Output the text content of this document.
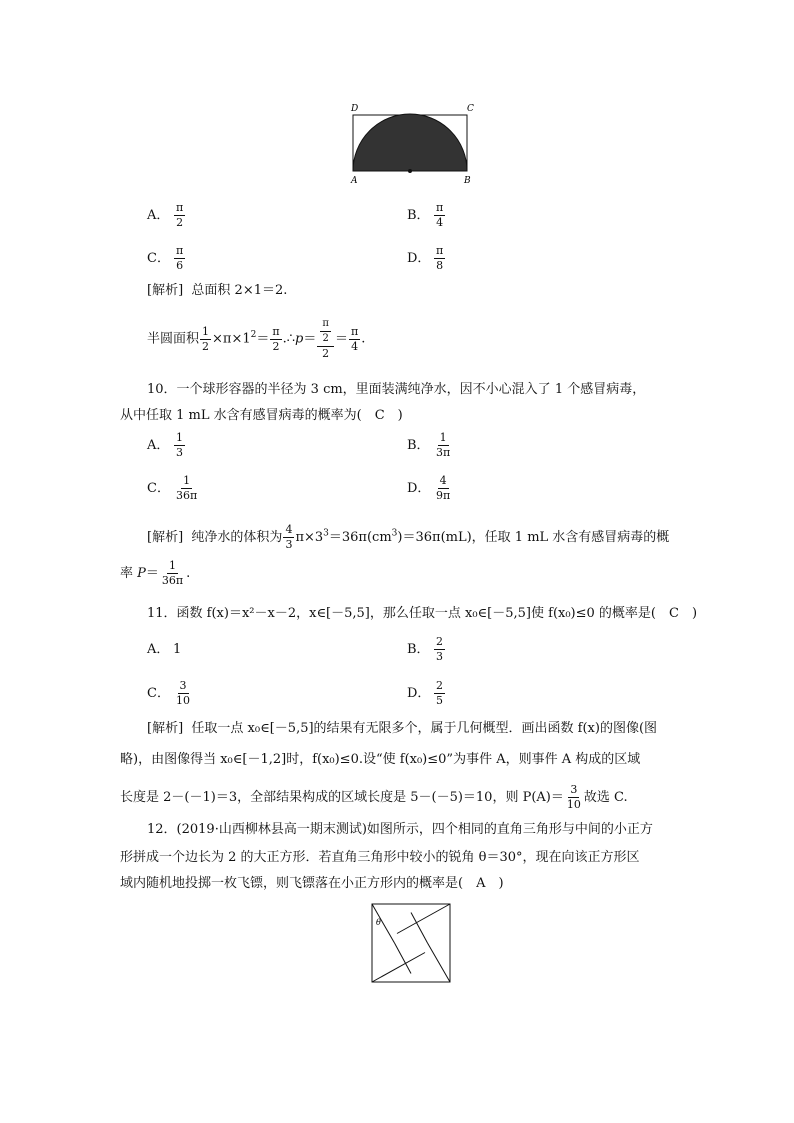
D	C
A	B
A． $\frac{\pi}{2}$	B． $\frac{\pi}{4}$
C． $\frac{\pi}{6}$	D． $\frac{\pi}{8}$
[解析] 总面积 2×1＝2.
半圆面积 $\frac{1}{2} \times\pi\times 1^2= \frac{\pi}{2}$ .∴p＝ $\frac{\frac{\pi}{2}}{2} = \frac{\pi}{4}$ .
10．一个球形容器的半径为 3 cm，里面装满纯净水，因不小心混入了 1 个感冒病毒，
从中任取 1 mL 水含有感冒病毒的概率为(　C　)
A． $\frac{1}{3}$	B． $\frac{1}{3\pi}$
C． $\frac{1}{36\pi}$	D． $\frac{4}{9\pi}$
[解析] 纯净水的体积为 $\frac{4}{3} \pi\times 3^3=36\pi(cm^3)=36\pi(mL)$，任取 1 mL 水含有感冒病毒的概
率 $P= \frac{1}{36\pi}$ .
11．函数 f(x)＝x²－x－2，x∈[－5,5]，那么任取一点 x₀∈[－5,5]使 f(x₀)≤0 的概率是(　C　)
A． 1	B． $\frac{2}{3}$
C． $\frac{3}{10}$	D． $\frac{2}{5}$
[解析] 任取一点 x₀∈[－5,5]的结果有无限多个，属于几何概型．画出函数 f(x)的图像(图
略)，由图像得当 x₀∈[－1,2]时，f(x₀)≤0.设“使 f(x₀)≤0”为事件 A，则事件 A 构成的区域
长度是 2－(－1)＝3，全部结果构成的区域长度是 5－(－5)＝10，则 $P(A)= \frac{3}{10}$ 故选 C.
12．(2019·山西柳林县高一期末测试)如图所示，四个相同的直角三角形与中间的小正方
形拼成一个边长为 2 的大正方形．若直角三角形中较小的锐角 θ＝30°，现在向该正方形区
域内随机地投掷一枚飞镖，则飞镖落在小正方形内的概率是(　A　)
θ
